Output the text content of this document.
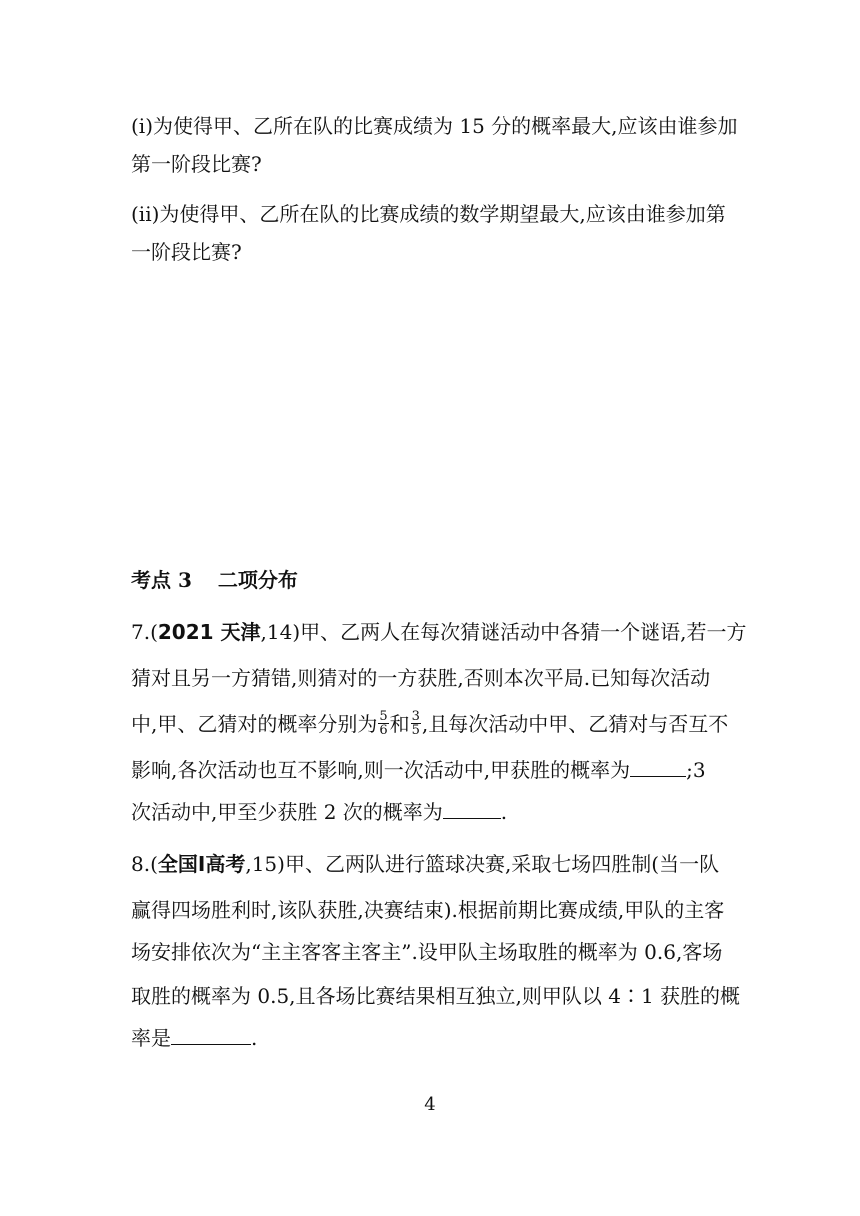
(i)为使得甲、乙所在队的比赛成绩为 15 分的概率最大,应该由谁参加
第一阶段比赛?
(ii)为使得甲、乙所在队的比赛成绩的数学期望最大,应该由谁参加第
一阶段比赛?
考点 3 二项分布
7.(2021 天津,14)甲、乙两人在每次猜谜活动中各猜一个谜语,若一方
猜对且另一方猜错,则猜对的一方获胜,否则本次平局.已知每次活动
中,甲、乙猜对的概率分别为 $\frac{5}{6}$ 和 $\frac{3}{5}$ ,且每次活动中甲、乙猜对与否互不
影响,各次活动也互不影响,则一次活动中,甲获胜的概率为	;3
次活动中,甲至少获胜 2 次的概率为	.
8.(全国Ⅰ高考,15)甲、乙两队进行篮球决赛,采取七场四胜制(当一队
赢得四场胜利时,该队获胜,决赛结束).根据前期比赛成绩,甲队的主客
场安排依次为“主主客客主客主”.设甲队主场取胜的概率为 0.6,客场
取胜的概率为 0.5,且各场比赛结果相互独立,则甲队以 4∶1 获胜的概
率是	.
4
